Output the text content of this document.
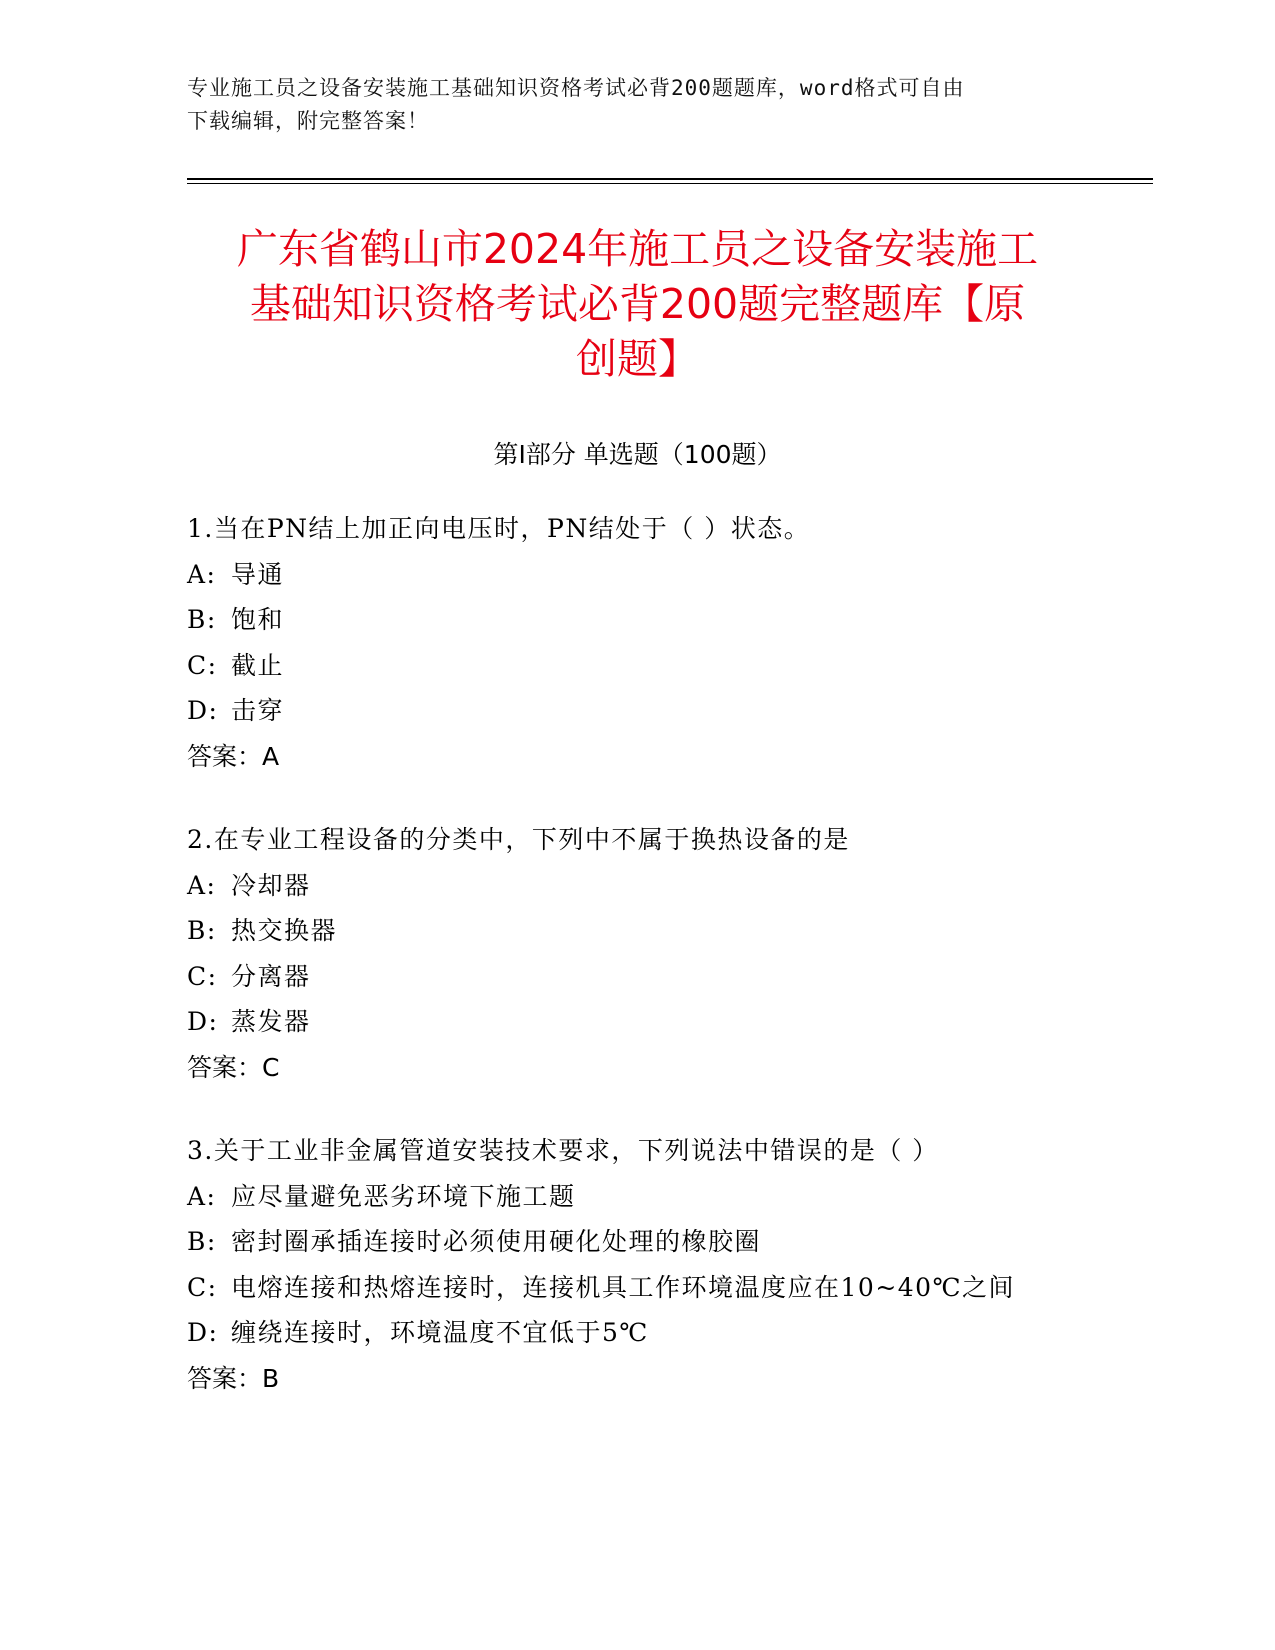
专业施工员之设备安装施工基础知识资格考试必背200题题库，word格式可自由
下载编辑，附完整答案！
广东省鹤山市2024年施工员之设备安装施工
基础知识资格考试必背200题完整题库【原
创题】
第Ⅰ部分 单选题（100题）
1.当在PN结上加正向电压时，PN结处于（ ）状态。
A: 导通
B: 饱和
C: 截止
D: 击穿
答案：A
2.在专业工程设备的分类中，下列中不属于换热设备的是
A: 冷却器
B: 热交换器
C: 分离器
D: 蒸发器
答案：C
3.关于工业非金属管道安装技术要求，下列说法中错误的是（ ）
A: 应尽量避免恶劣环境下施工题
B: 密封圈承插连接时必须使用硬化处理的橡胶圈
C: 电熔连接和热熔连接时，连接机具工作环境温度应在10~40℃之间
D: 缠绕连接时，环境温度不宜低于5℃
答案：B
